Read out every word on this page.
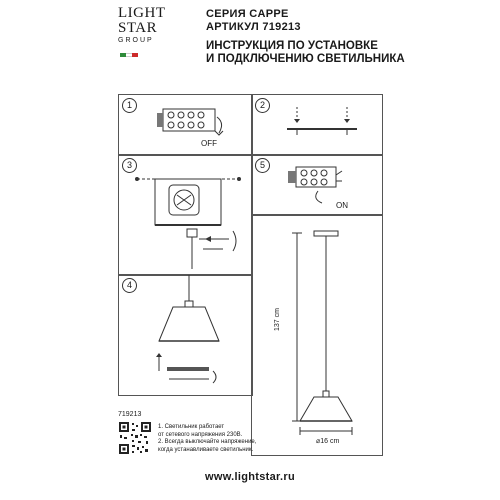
LIGHT
STAR
GROUP
СЕРИЯ CAPPE
АРТИКУЛ 719213
ИНСТРУКЦИЯ ПО УСТАНОВКЕ
И ПОДКЛЮЧЕНИЮ СВЕТИЛЬНИКА
1
OFF
2
3	5
ON
4
137 cm
⌀16 cm
719213
1. Светильник работает
от сетевого напряжения 230В.
2. Всегда выключайте напряжение,
когда устанавливаете светильник.
www.lightstar.ru
